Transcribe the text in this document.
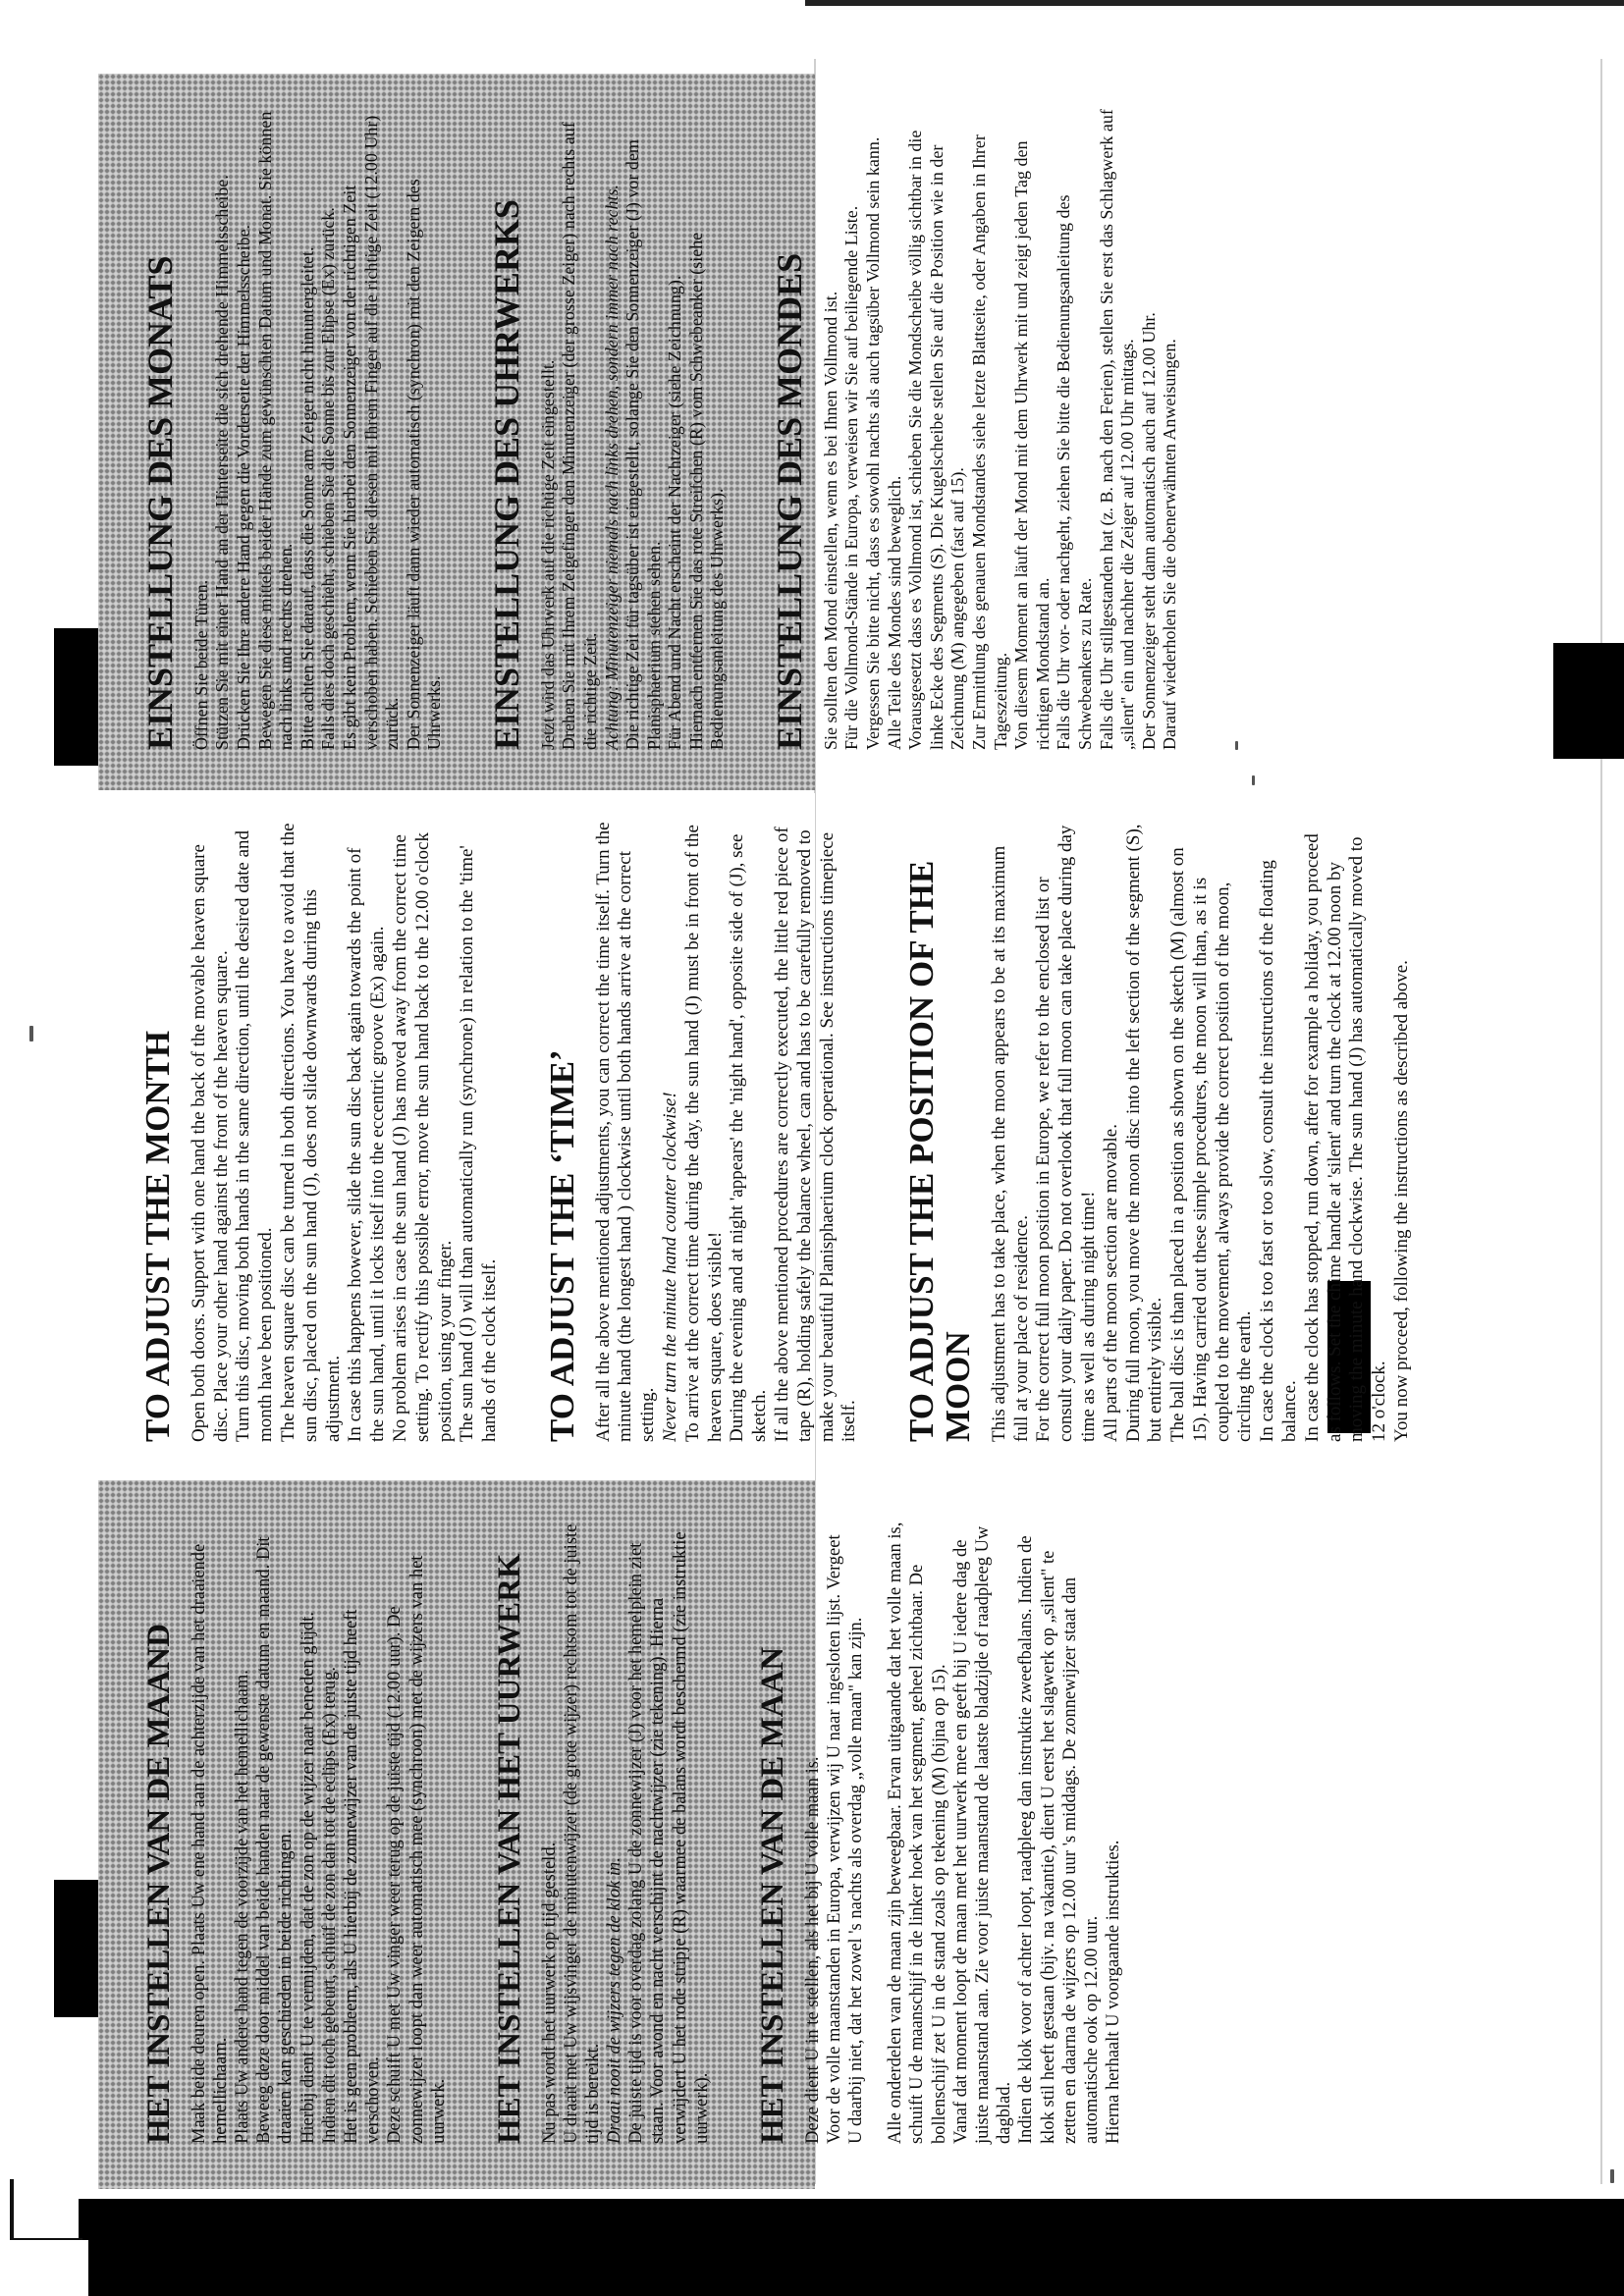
HET INSTELLEN VAN DE MAAND Maak beide deuren open. Plaats Uw ene hand aan de achterzijde van het draaiende hemellichaam. Plaats Uw andere hand tegen de voorzijde van het hemellichaam. Beweeg deze door middel van beide handen naar de gewenste datum en maand. Dit draaien kan geschieden in beide richtingen. Hierbij dient U te vermijden, dat de zon op de wijzer naar beneden glijdt. Indien dit toch gebeurt, schuif de zon dan tot de eclips (Ex) terug. Het is geen probleem, als U hierbij de zonnewijzer van de juiste tijd heeft verschoven. Deze schuift U met Uw vinger weer terug op de juiste tijd (12.00 uur). De zonnewijzer loopt dan weer automatisch mee (synchroon) met de wijzers van het uurwerk. HET INSTELLEN VAN HET UURWERK Nu pas wordt het uurwerk op tijd gesteld. U draait met Uw wijsvinger de minutenwijzer (de grote wijzer) rechtsom tot de juiste tijd is bereikt. Draai nooit de wijzers tegen de klok in. De juiste tijd is voor overdag zolang U de zonnewijzer (J) voor het hemelplein ziet staan. Voor avond en nacht verschijnt de nachtwijzer (zie tekening). Hierna verwijdert U het rode stripje (R) waarmee de balans wordt beschermd (zie instruktie uurwerk). HET INSTELLEN VAN DE MAAN Deze dient U in te stellen, als het bij U volle maan is. Voor de volle maanstanden in Europa, verwijzen wij U naar ingesloten lijst. Vergeet U daarbij niet, dat het zowel 's nachts als overdag „volle maan" kan zijn. Alle onderdelen van de maan zijn beweegbaar. Ervan uitgaande dat het volle maan is, schuift U de maanschijf in de linker hoek van het segment, geheel zichtbaar. De bollenschijf zet U in de stand zoals op tekening (M) (bijna op 15). Vanaf dat moment loopt de maan met het uurwerk mee en geeft bij U iedere dag de juiste maanstand aan. Zie voor juiste maanstand de laatste bladzijde of raadpleeg Uw dagblad. Indien de klok voor of achter loopt, raadpleeg dan instruktie zweefbalans. Indien de klok stil heeft gestaan (bijv. na vakantie), dient U eerst het slagwerk op „silent" te zetten en daarna de wijzers op 12.00 uur 's middags. De zonnewijzer staat dan automatische ook op 12.00 uur. Hierna herhaalt U voorgaande instrukties.

TO ADJUST THE MONTH Open both doors. Support with one hand the back of the movable heaven square disc. Place your other hand against the front of the heaven square. Turn this disc, moving both hands in the same direction, until the desired date and month have been positioned. The heaven square disc can be turned in both directions. You have to avoid that the sun disc, placed on the sun hand (J), does not slide downwards during this adjustment. In case this happens however, slide the sun disc back again towards the point of the sun hand, until it locks itself into the eccentric groove (Ex) again. No problem arises in case the sun hand (J) has moved away from the correct time setting. To rectify this possible error, move the sun hand back to the 12.00 o'clock position, using your finger. The sun hand (J) will than automatically run (synchrone) in relation to the 'time' hands of the clock itself. TO ADJUST THE ‘TIME’ After all the above mentioned adjustments, you can correct the time itself. Turn the minute hand (the longest hand ) clockwise until both hands arrive at the correct setting. Never turn the minute hand counter clockwise! To arrive at the correct time during the day, the sun hand (J) must be in front of the heaven square, does visible! During the evening and at night 'appears' the 'night hand', opposite side of (J), see sketch. If all the above mentioned procedures are correctly executed, the little red piece of tape (R), holding safely the balance wheel, can and has to be carefully removed to make your beautiful Planisphaerium clock operational. See instructions timepiece itself. TO ADJUST THE POSITION OF THE MOON This adjustment has to take place, when the moon appears to be at its maximum full at your place of residence. For the correct full moon position in Europe, we refer to the enclosed list or consult your daily paper. Do not overlook that full moon can take place during day time as well as during night time! All parts of the moon section are movable. During full moon, you move the moon disc into the left section of the segment (S), but entirely visible. The ball disc is than placed in a position as shown on the sketch (M) (almost on 15). Having carried out these simple procedures, the moon will than, as it is coupled to the movement, always provide the correct position of the moon, circling the earth. In case the clock is too fast or too slow, consult the instructions of the floating balance. In case the clock has stopped, run down, after for example a holiday, you proceed as follows. Set the chime handle at 'silent' and turn the clock at 12.00 noon by moving the minute hand clockwise. The sun hand (J) has automatically moved to 12 o'clock. You now proceed, following the instructions as described above.

EINSTELLUNG DES MONATS Öffnen Sie beide Türen. Stützen Sie mit einer Hand an der Hinterseite die sich drehende Himmelsscheibe. Drücken Sie Ihre andere Hand gegen die Vorderseite der Himmelsscheibe. Bewegen Sie diese mittels beider Hände zum gewünschten Datum und Monat. Sie können nach links und rechts drehen. Bitte achten Sie darauf, dass die Sonne am Zeiger nicht hinuntergleitet. Falls dies doch geschieht, schieben Sie die Sonne bis zur Elipse (Ex) zurück. Es gibt kein Problem, wenn Sie hierbei den Sonnenzeiger von der richtigen Zeit verschoben haben. Schieben Sie diesen mit Ihrem Finger auf die richtige Zeit (12.00 Uhr) zurück. Der Sonnenzeiger läuft dann wieder automatisch (synchron) mit den Zeigern des Uhrwerks. EINSTELLUNG DES UHRWERKS Jetzt wird das Uhrwerk auf die richtige Zeit eingestellt. Drehen Sie mit Ihrem Zeigefinger den Minutenzeiger (der grosse Zeiger) nach rechts auf die richtige Zeit. Achtung: Minutenzeiger niemals nach links drehen, sondern immer nach rechts. Die richtige Zeit für tagsüber ist eingestellt, solange Sie den Sonnenzeiger (J) vor dem Planisphaerium stehen sehen. Für Abend und Nacht erscheint der Nachtzeiger (siehe Zeichnung). Hiernach entfernen Sie das rote Streifchen (R) vom Schwebeanker (siehe Bedienungsanleitung des Uhrwerks). EINSTELLUNG DES MONDES Sie sollten den Mond einstellen, wenn es bei Ihnen Vollmond ist. Für die Vollmond-Stände in Europa, verweisen wir Sie auf beiliegende Liste. Vergessen Sie bitte nicht, dass es sowohl nachts als auch tagsüber Vollmond sein kann. Alle Teile des Mondes sind beweglich. Vorausgesetzt dass es Vollmond ist, schieben Sie die Mondscheibe völlig sichtbar in die linke Ecke des Segments (S). Die Kugelscheibe stellen Sie auf die Position wie in der Zeichnung (M) angegeben (fast auf 15). Zur Ermittlung des genauen Mondstandes siehe letzte Blattseite, oder Angaben in Ihrer Tageszeitung. Von diesem Moment an läuft der Mond mit dem Uhrwerk mit und zeigt jeden Tag den richtigen Mondstand an. Falls die Uhr vor- oder nachgeht, ziehen Sie bitte die Bedienungsanleitung des Schwebeankers zu Rate. Falls die Uhr stillgestanden hat (z. B. nach den Ferien), stellen Sie erst das Schlagwerk auf „silent" ein und nachher die Zeiger auf 12.00 Uhr mittags. Der Sonnenzeiger steht dann automatisch auch auf 12.00 Uhr. Darauf wiederholen Sie die obenerwähnten Anweisungen.
